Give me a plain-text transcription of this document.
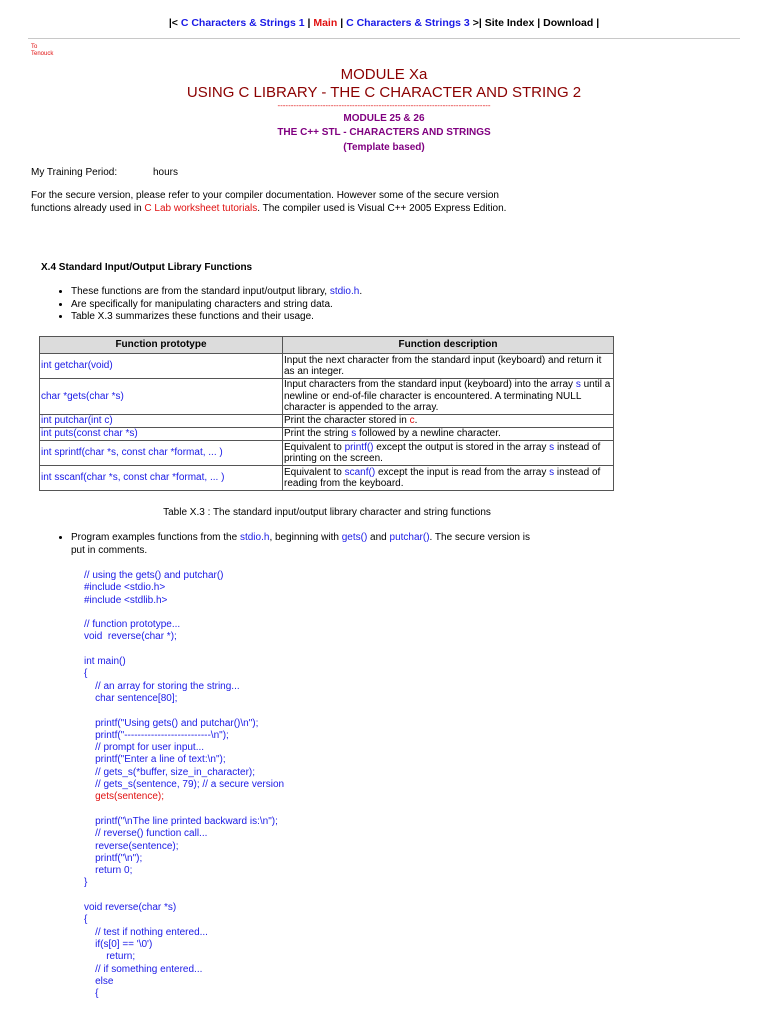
|< C Characters & Strings 1 | Main | C Characters & Strings 3 >| Site Index | Download |
To
Tenouck
MODULE Xa
USING C LIBRARY - THE C CHARACTER AND STRING 2
--------------------------------------------------------------------------------
MODULE 25 & 26
THE C++ STL - CHARACTERS AND STRINGS
(Template based)
My Training Period:	hours
For the secure version, please refer to your compiler documentation. However some of the secure version functions already used in C Lab worksheet tutorials. The compiler used is Visual C++ 2005 Express Edition.
X.4 Standard Input/Output Library Functions
• These functions are from the standard input/output library, stdio.h.
• Are specifically for manipulating characters and string data.
• Table X.3 summarizes these functions and their usage.
Function prototype	Function description
int getchar(void)	Input the next character from the standard input (keyboard) and return it as an integer.
char *gets(char *s)	Input characters from the standard input (keyboard) into the array s until a newline or end-of-file character is encountered. A terminating NULL character is appended to the array.
int putchar(int c)	Print the character stored in c.
int puts(const char *s)	Print the string s followed by a newline character.
int sprintf(char *s, const char *format, ... )	Equivalent to printf() except the output is stored in the array s instead of printing on the screen.
int sscanf(char *s, const char *format, ... )	Equivalent to scanf() except the input is read from the array s instead of reading from the keyboard.
Table X.3 : The standard input/output library character and string functions
• Program examples functions from the stdio.h, beginning with gets() and putchar(). The secure version is put in comments.
// using the gets() and putchar()
#include <stdio.h>
#include <stdlib.h>

// function prototype...
void  reverse(char *);

int main()
{
// an array for storing the string...
char sentence[80];

printf("Using gets() and putchar()\n");
printf("--------------------------\n");
// prompt for user input...
printf("Enter a line of text:\n");
// gets_s(*buffer, size_in_character);
// gets_s(sentence, 79); // a secure version
gets(sentence);

printf("\nThe line printed backward is:\n");
// reverse() function call...
reverse(sentence);
printf("\n");
return 0;
}

void reverse(char *s)
{
// test if nothing entered...
if(s[0] == '\0')
return;
// if something entered...
else
{
